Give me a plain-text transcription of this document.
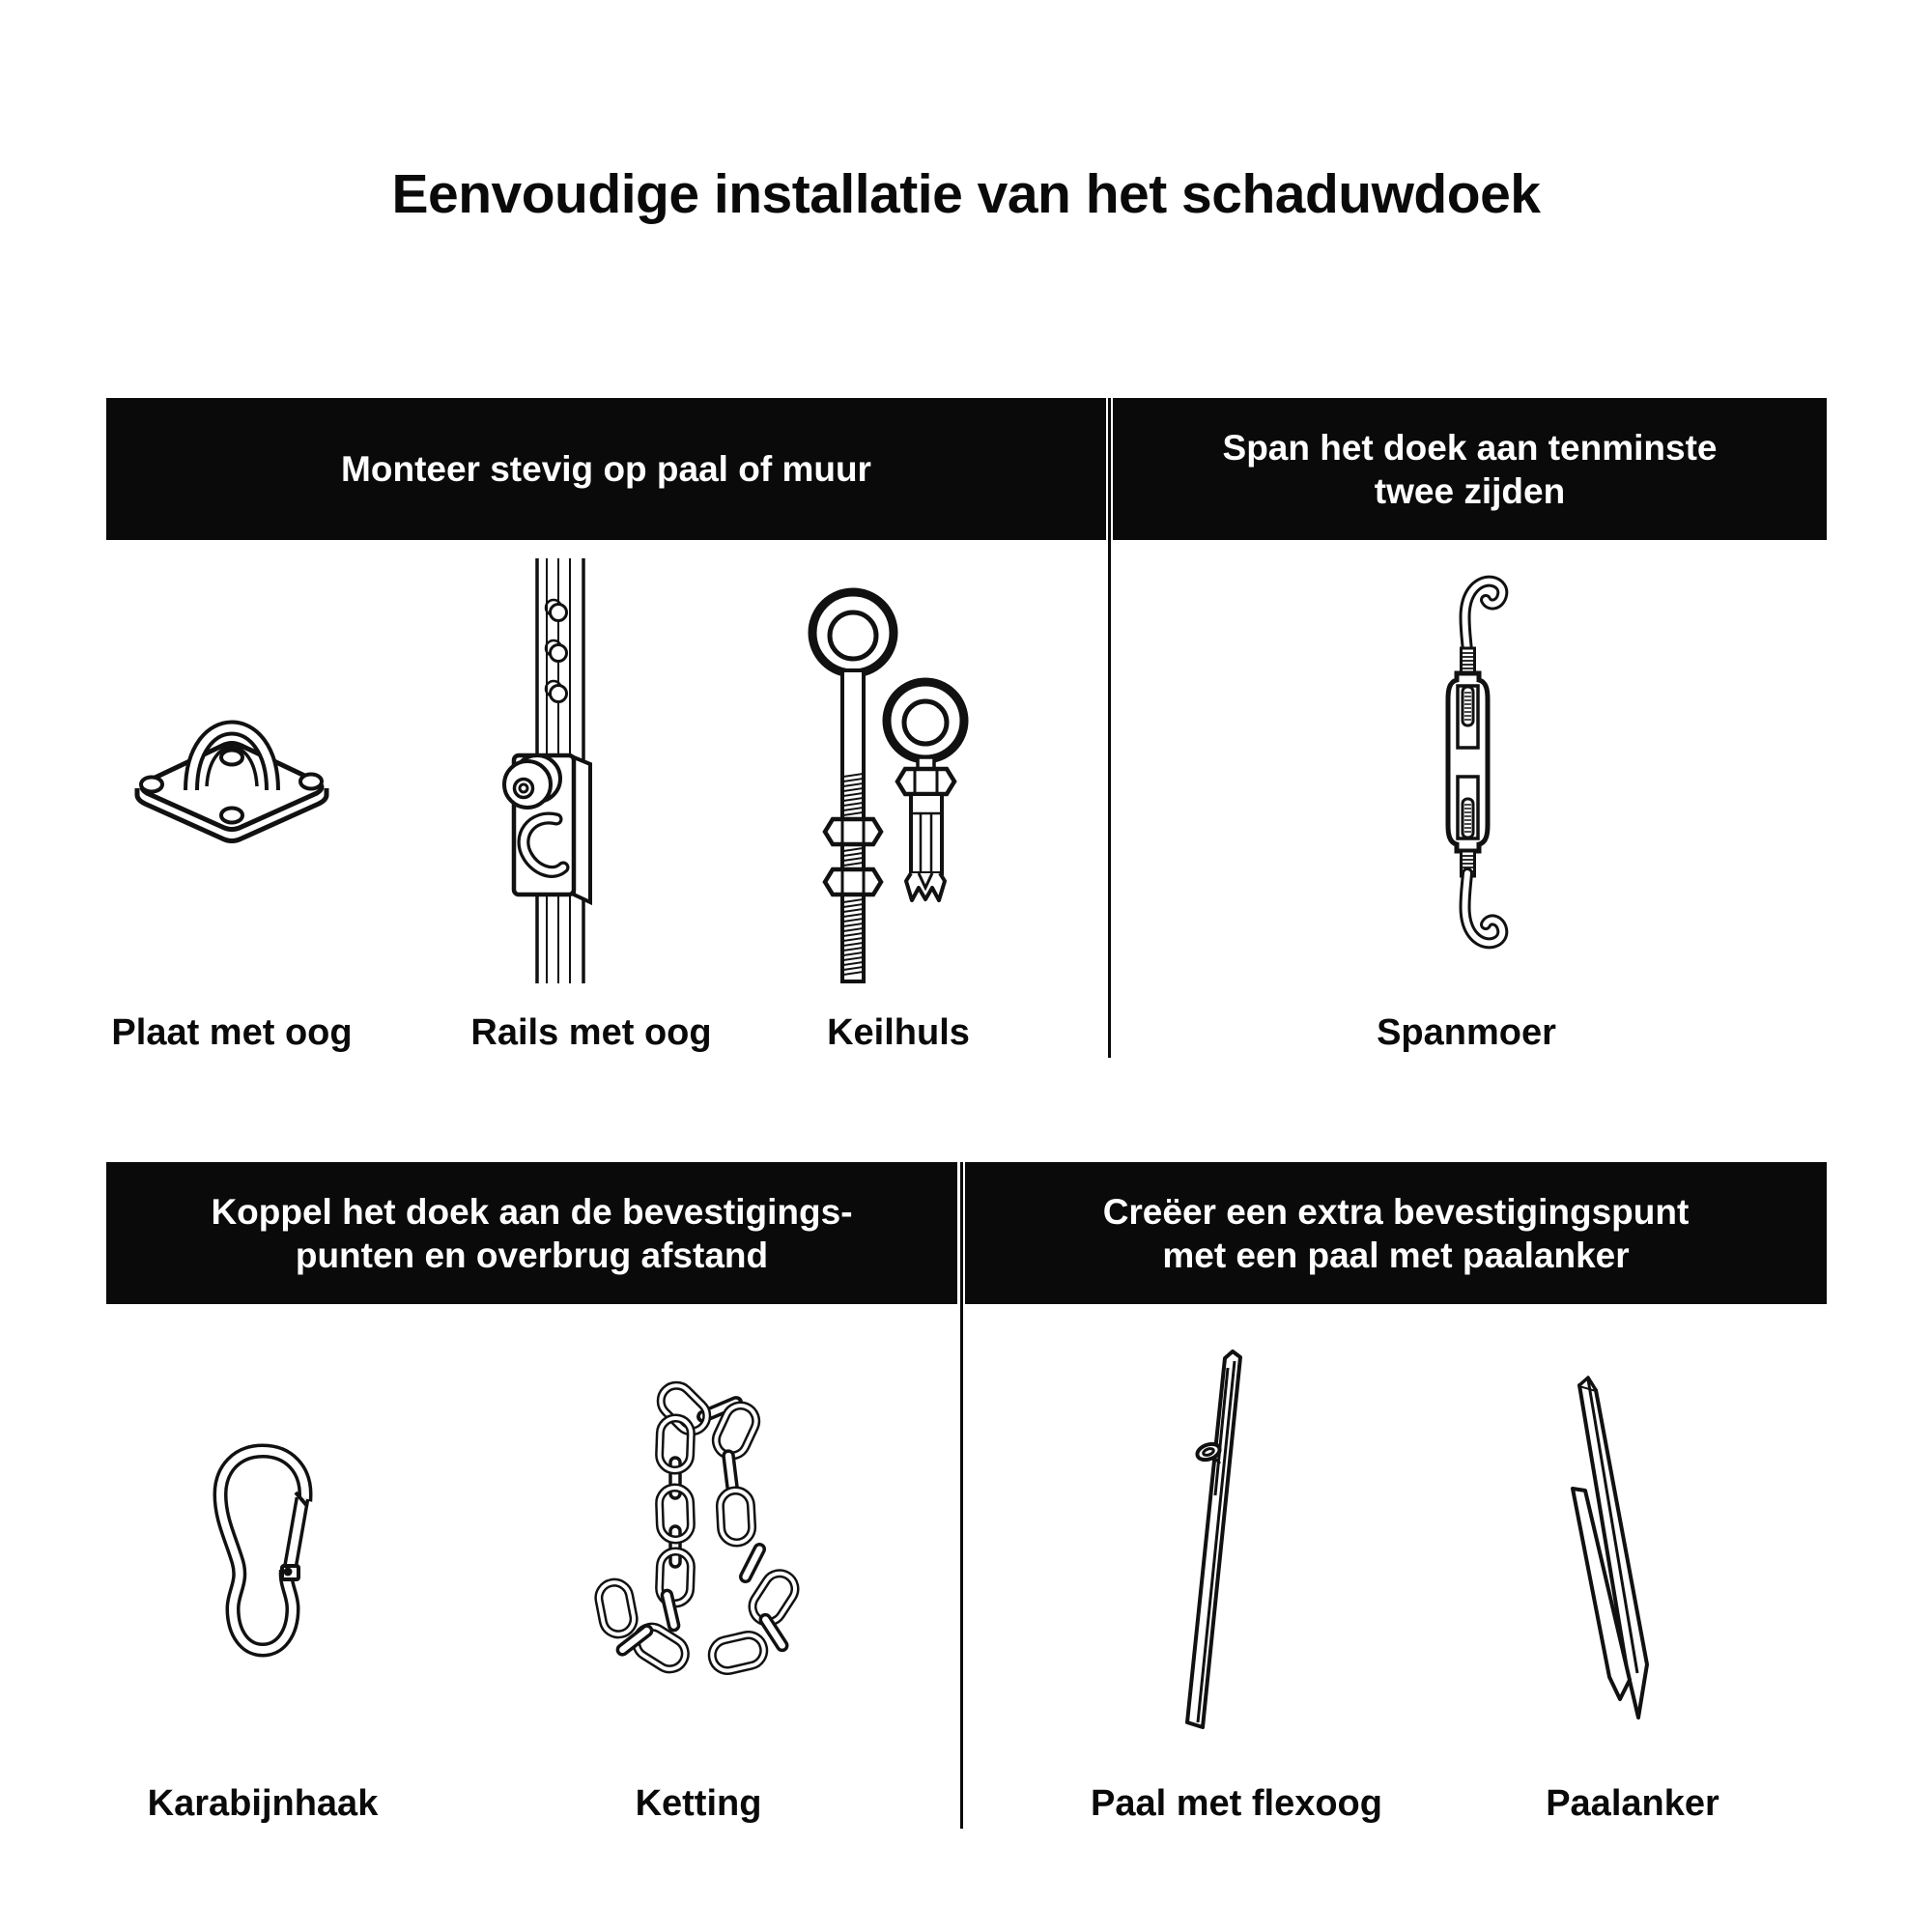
Eenvoudige installatie van het schaduwdoek
Monteer stevig op paal of muur
Span het doek aan tenminste
twee zijden
Koppel het doek aan de bevestigings-
punten en overbrug afstand
Creëer een extra bevestigingspunt
met een paal met paalanker
Plaat met oog	Rails met oog	Keilhuls	Spanmoer
Karabijnhaak	Ketting	Paal met flexoog	Paalanker
